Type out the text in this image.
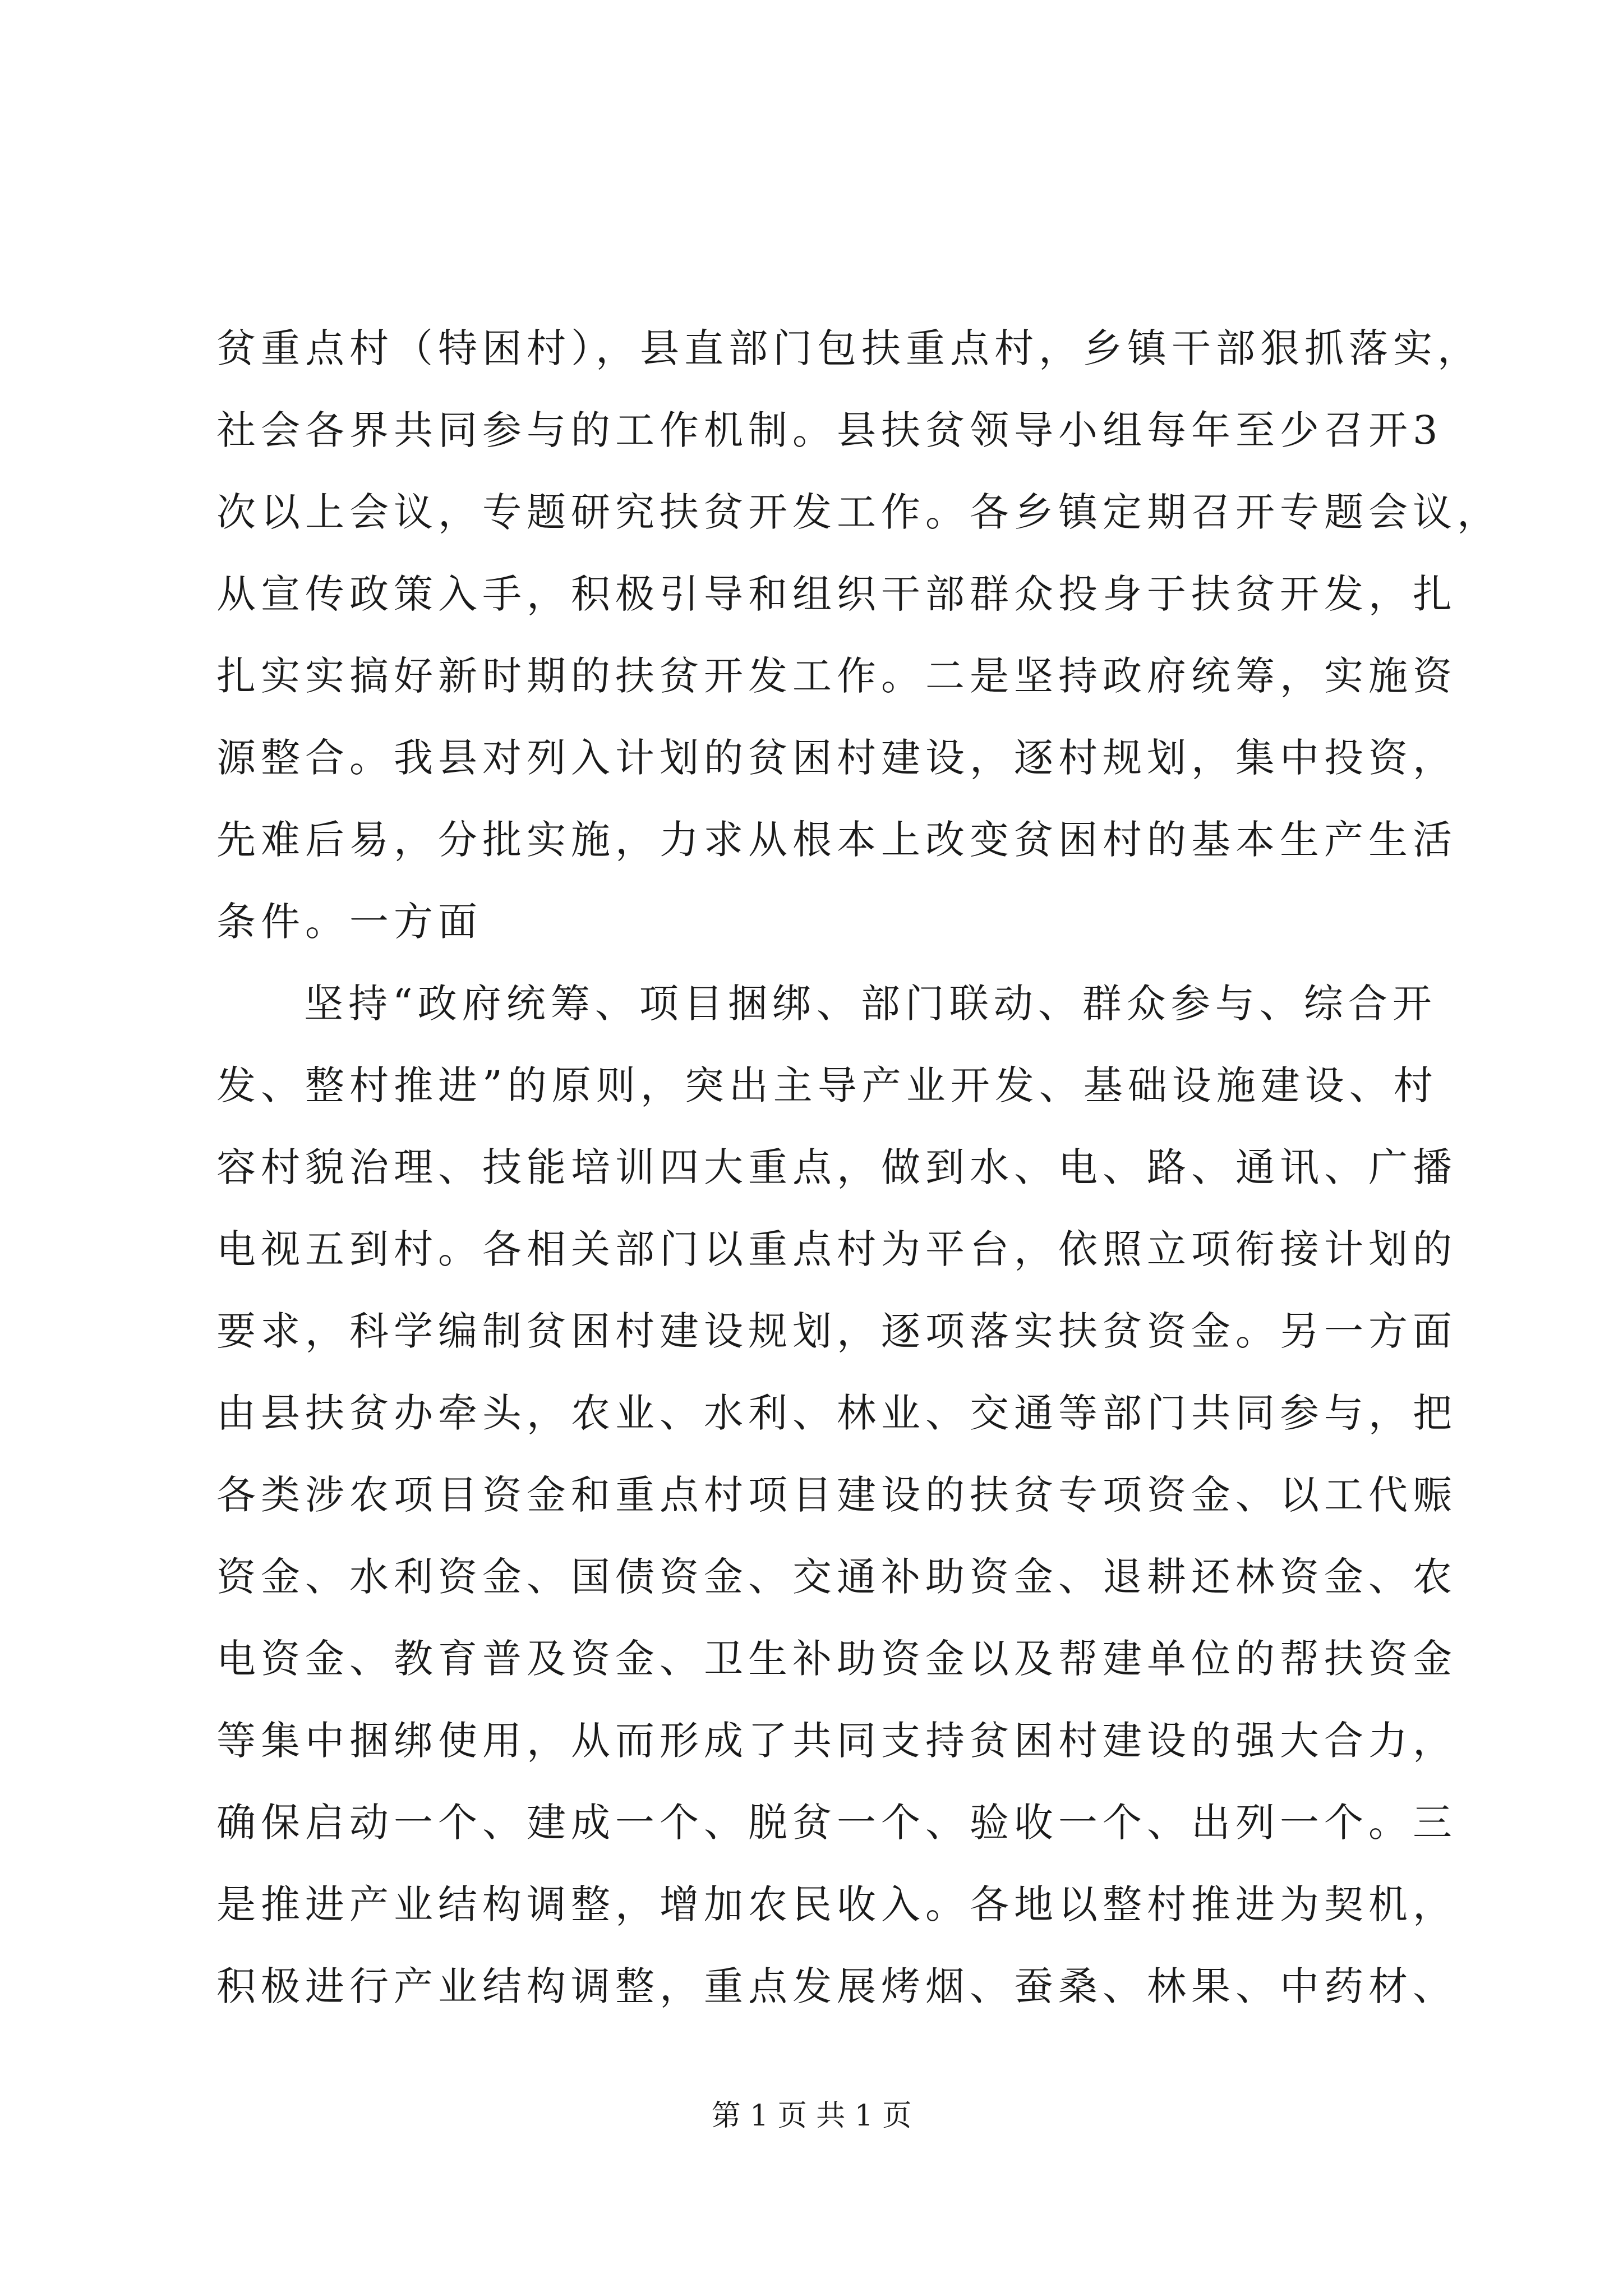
贫重点村（特困村），县直部门包扶重点村，乡镇干部狠抓落实，
社会各界共同参与的工作机制。县扶贫领导小组每年至少召开3
次以上会议，专题研究扶贫开发工作。各乡镇定期召开专题会议，
从宣传政策入手，积极引导和组织干部群众投身于扶贫开发，扎
扎实实搞好新时期的扶贫开发工作。二是坚持政府统筹，实施资
源整合。我县对列入计划的贫困村建设，逐村规划，集中投资，
先难后易，分批实施，力求从根本上改变贫困村的基本生产生活
条件。一方面
坚持“政府统筹、项目捆绑、部门联动、群众参与、综合开
发、整村推进”的原则，突出主导产业开发、基础设施建设、村
容村貌治理、技能培训四大重点，做到水、电、路、通讯、广播
电视五到村。各相关部门以重点村为平台，依照立项衔接计划的
要求，科学编制贫困村建设规划，逐项落实扶贫资金。另一方面
由县扶贫办牵头，农业、水利、林业、交通等部门共同参与，把
各类涉农项目资金和重点村项目建设的扶贫专项资金、以工代赈
资金、水利资金、国债资金、交通补助资金、退耕还林资金、农
电资金、教育普及资金、卫生补助资金以及帮建单位的帮扶资金
等集中捆绑使用，从而形成了共同支持贫困村建设的强大合力，
确保启动一个、建成一个、脱贫一个、验收一个、出列一个。三
是推进产业结构调整，增加农民收入。各地以整村推进为契机，
积极进行产业结构调整，重点发展烤烟、蚕桑、林果、中药材、
第 1 页 共 1 页
